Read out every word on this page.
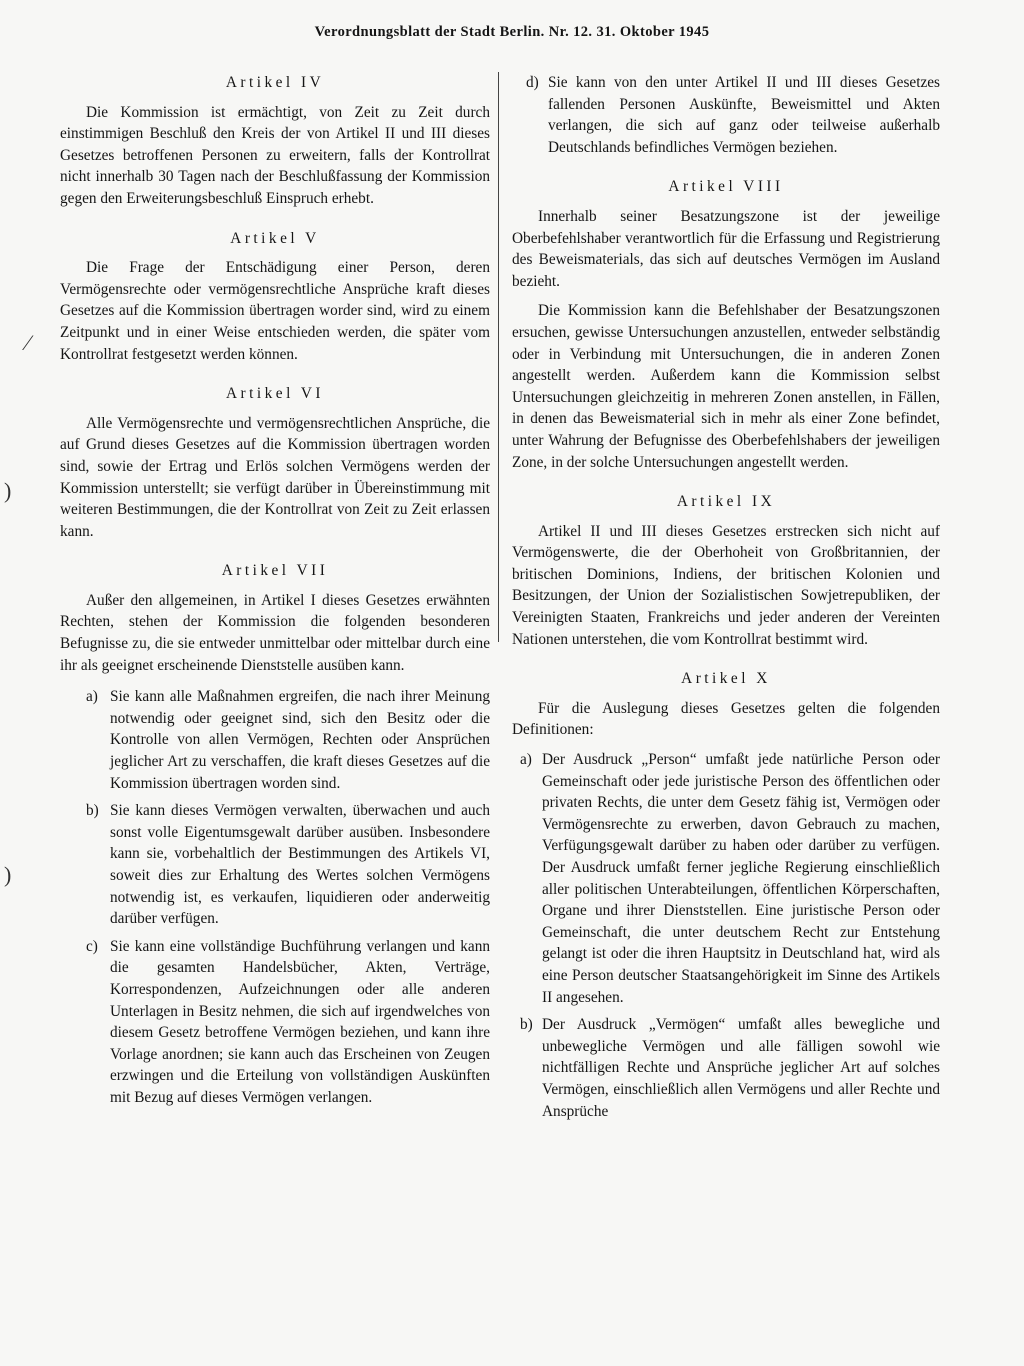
Verordnungsblatt der Stadt Berlin. Nr. 12. 31. Oktober 1945
⁄
)
)
Artikel IV

Die Kommission ist ermächtigt, von Zeit zu Zeit durch einstimmigen Beschluß den Kreis der von Artikel II und III dieses Gesetzes betroffenen Personen zu erweitern, falls der Kontrollrat nicht innerhalb 30 Tagen nach der Beschlußfassung der Kommission gegen den Erweiterungsbeschluß Einspruch erhebt.

Artikel V

Die Frage der Entschädigung einer Person, deren Vermögensrechte oder vermögensrechtliche Ansprüche kraft dieses Gesetzes auf die Kommission übertragen worder sind, wird zu einem Zeitpunkt und in einer Weise entschieden werden, die später vom Kontrollrat festgesetzt werden können.

Artikel VI

Alle Vermögensrechte und vermögensrechtlichen Ansprüche, die auf Grund dieses Gesetzes auf die Kommission übertragen worden sind, sowie der Ertrag und Erlös solchen Vermögens werden der Kommission unterstellt; sie verfügt darüber in Übereinstimmung mit weiteren Bestimmungen, die der Kontrollrat von Zeit zu Zeit erlassen kann.

Artikel VII

Außer den allgemeinen, in Artikel I dieses Gesetzes erwähnten Rechten, stehen der Kommission die folgenden besonderen Befugnisse zu, die sie entweder unmittelbar oder mittelbar durch eine ihr als geeignet erscheinende Dienststelle ausüben kann.

a) Sie kann alle Maßnahmen ergreifen, die nach ihrer Meinung notwendig oder geeignet sind, sich den Besitz oder die Kontrolle von allen Vermögen, Rechten oder Ansprüchen jeglicher Art zu verschaffen, die kraft dieses Gesetzes auf die Kommission übertragen worden sind.
b) Sie kann dieses Vermögen verwalten, überwachen und auch sonst volle Eigentumsgewalt darüber ausüben. Insbesondere kann sie, vorbehaltlich der Bestimmungen des Artikels VI, soweit dies zur Erhaltung des Wertes solchen Vermögens notwendig ist, es verkaufen, liquidieren oder anderweitig darüber verfügen.
c) Sie kann eine vollständige Buchführung verlangen und kann die gesamten Handelsbücher, Akten, Verträge, Korrespondenzen, Aufzeichnungen oder alle anderen Unterlagen in Besitz nehmen, die sich auf irgendwelches von diesem Gesetz betroffene Vermögen beziehen, und kann ihre Vorlage anordnen; sie kann auch das Erscheinen von Zeugen erzwingen und die Erteilung von vollständigen Auskünften mit Bezug auf dieses Vermögen verlangen.
d) Sie kann von den unter Artikel II und III dieses Gesetzes fallenden Personen Auskünfte, Beweismittel und Akten verlangen, die sich auf ganz oder teilweise außerhalb Deutschlands befindliches Vermögen beziehen.
Artikel VIII

Innerhalb seiner Besatzungszone ist der jeweilige Oberbefehlshaber verantwortlich für die Erfassung und Registrierung des Beweismaterials, das sich auf deutsches Vermögen im Ausland bezieht.

Die Kommission kann die Befehlshaber der Besatzungszonen ersuchen, gewisse Untersuchungen anzustellen, entweder selbständig oder in Verbindung mit Untersuchungen, die in anderen Zonen angestellt werden. Außerdem kann die Kommission selbst Untersuchungen gleichzeitig in mehreren Zonen anstellen, in Fällen, in denen das Beweismaterial sich in mehr als einer Zone befindet, unter Wahrung der Befugnisse des Oberbefehlshabers der jeweiligen Zone, in der solche Untersuchungen angestellt werden.

Artikel IX

Artikel II und III dieses Gesetzes erstrecken sich nicht auf Vermögenswerte, die der Oberhoheit von Großbritannien, der britischen Dominions, Indiens, der britischen Kolonien und Besitzungen, der Union der Sozialistischen Sowjetrepubliken, der Vereinigten Staaten, Frankreichs und jeder anderen der Vereinten Nationen unterstehen, die vom Kontrollrat bestimmt wird.

Artikel X

Für die Auslegung dieses Gesetzes gelten die folgenden Definitionen:

a) Der Ausdruck „Person“ umfaßt jede natürliche Person oder Gemeinschaft oder jede juristische Person des öffentlichen oder privaten Rechts, die unter dem Gesetz fähig ist, Vermögen oder Vermögensrechte zu erwerben, davon Gebrauch zu machen, Verfügungsgewalt darüber zu haben oder darüber zu verfügen. Der Ausdruck umfaßt ferner jegliche Regierung einschließlich aller politischen Unterabteilungen, öffentlichen Körperschaften, Organe und ihrer Dienststellen. Eine juristische Person oder Gemeinschaft, die unter deutschem Recht zur Entstehung gelangt ist oder die ihren Hauptsitz in Deutschland hat, wird als eine Person deutscher Staatsangehörigkeit im Sinne des Artikels II angesehen.
b) Der Ausdruck „Vermögen“ umfaßt alles bewegliche und unbewegliche Vermögen und alle fälligen sowohl wie nichtfälligen Rechte und Ansprüche jeglicher Art auf solches Vermögen, einschließlich allen Vermögens und aller Rechte und Ansprüche
